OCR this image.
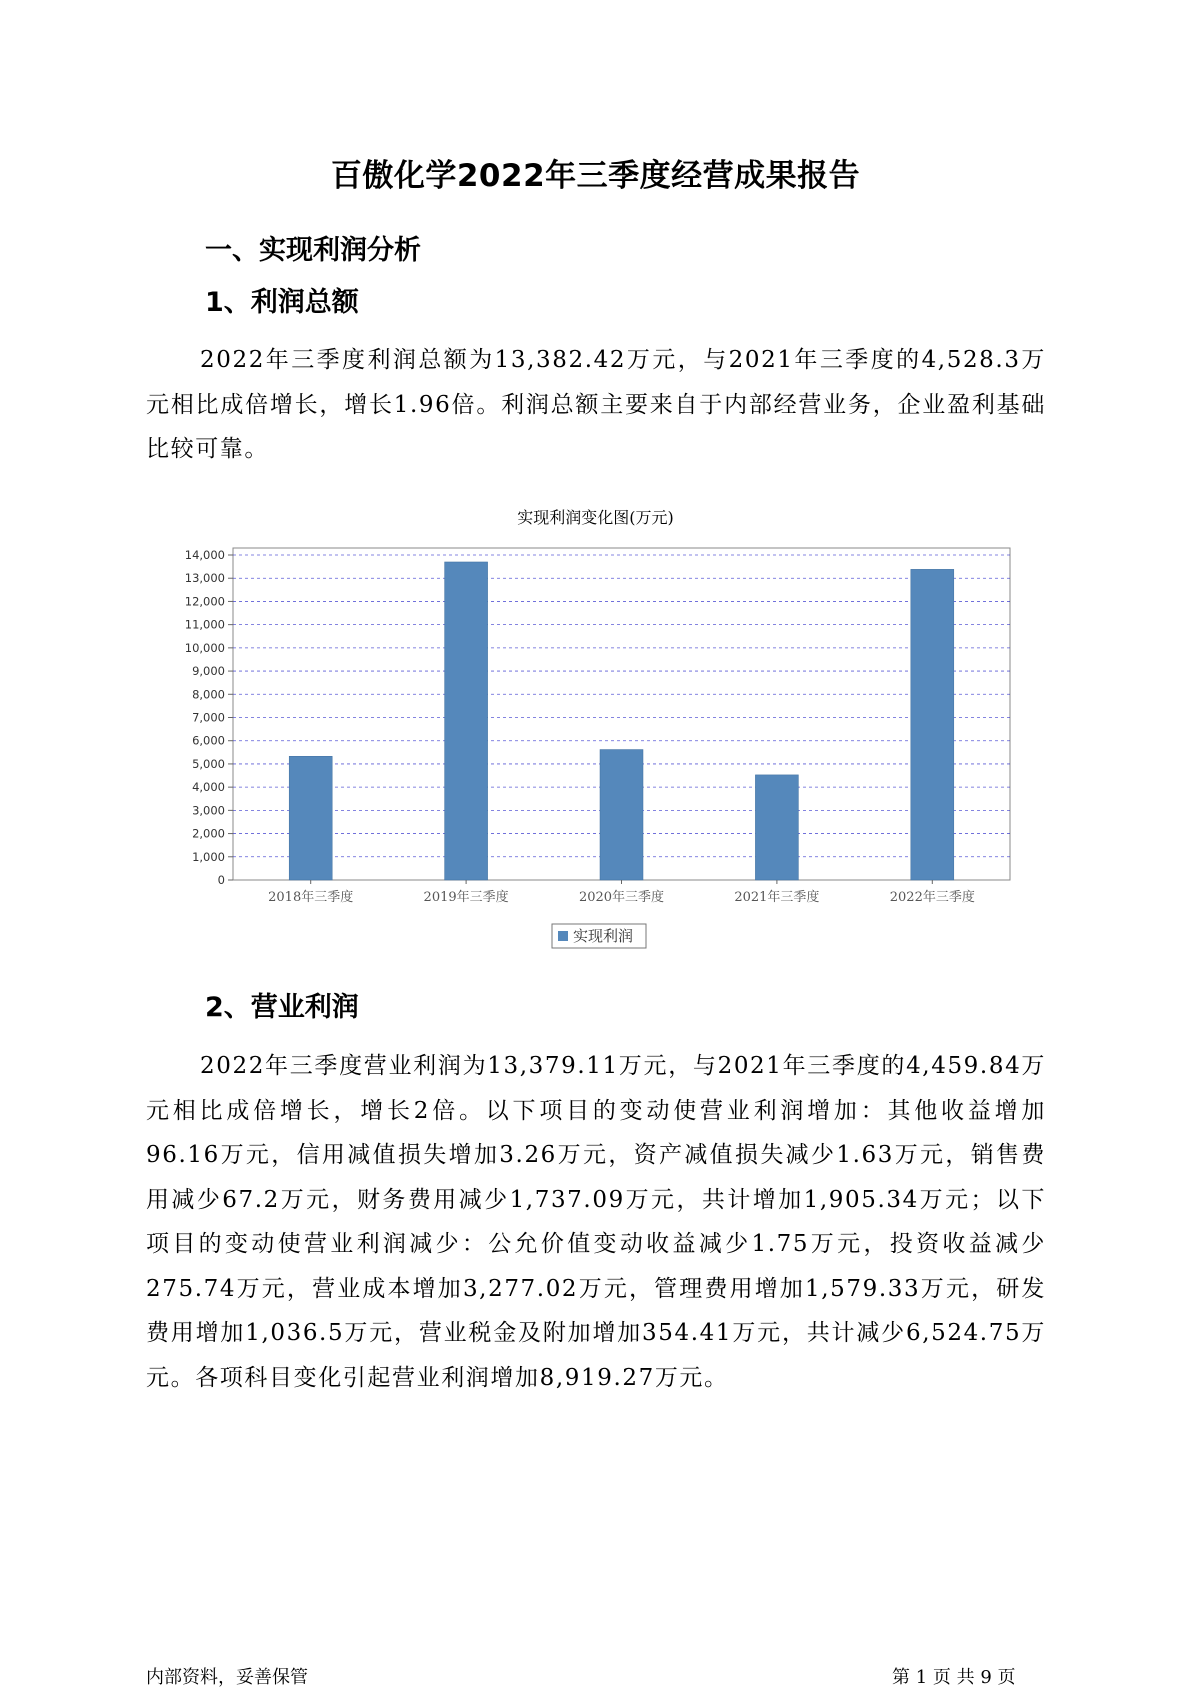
百傲化学2022年三季度经营成果报告
一、实现利润分析
1、利润总额
2022年三季度利润总额为13,382.42万元，与2021年三季度的4,528.3万元相比成倍增长，增长1.96倍。利润总额主要来自于内部经营业务，企业盈利基础比较可靠。
实现利润变化图(万元)
0
1,000
2,000
3,000
4,000
5,000
6,000
7,000
8,000
9,000
10,000
11,000
12,000
13,000
14,000
2018年三季度	2019年三季度	2020年三季度	2021年三季度	2022年三季度
实现利润
2、营业利润
2022年三季度营业利润为13,379.11万元，与2021年三季度的4,459.84万元相比成倍增长，增长2倍。以下项目的变动使营业利润增加：其他收益增加96.16万元，信用减值损失增加3.26万元，资产减值损失减少1.63万元，销售费用减少67.2万元，财务费用减少1,737.09万元，共计增加1,905.34万元；以下项目的变动使营业利润减少：公允价值变动收益减少1.75万元，投资收益减少275.74万元，营业成本增加3,277.02万元，管理费用增加1,579.33万元，研发费用增加1,036.5万元，营业税金及附加增加354.41万元，共计减少6,524.75万元。各项科目变化引起营业利润增加8,919.27万元。
内部资料，妥善保管	第 1 页 共 9 页
